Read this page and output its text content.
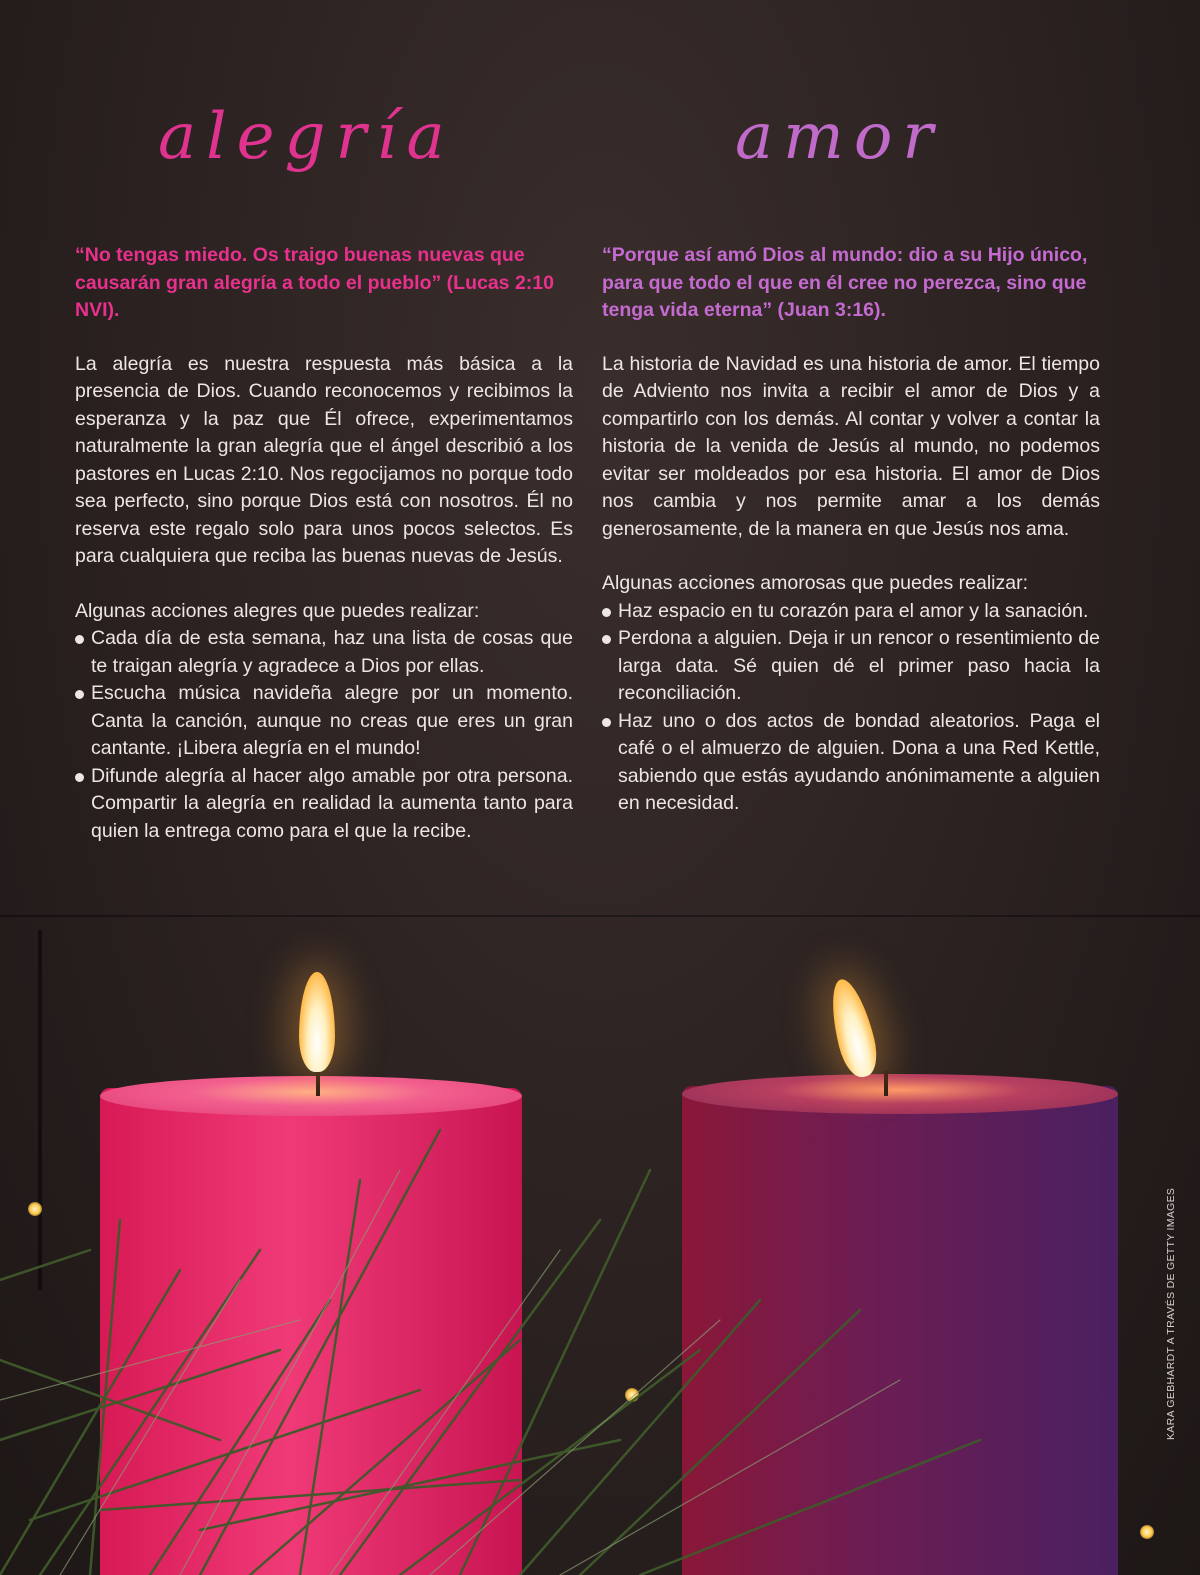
alegría	amor

“No tengas miedo. Os traigo buenas nuevas que causarán gran alegría a todo el pueblo” (Lucas 2:10 NVI).

La alegría es nuestra respuesta más básica a la presencia de Dios. Cuando reconocemos y recibimos la esperanza y la paz que Él ofrece, experimentamos naturalmente la gran alegría que el ángel describió a los pastores en Lucas 2:10. Nos regocijamos no porque todo sea perfecto, sino porque Dios está con nosotros. Él no reserva este regalo solo para unos pocos selectos. Es para cualquiera que reciba las buenas nuevas de Jesús.

Algunas acciones alegres que puedes realizar:

Cada día de esta semana, haz una lista de cosas que te traigan alegría y agradece a Dios por ellas.
Escucha música navideña alegre por un momento. Canta la canción, aunque no creas que eres un gran cantante. ¡Libera alegría en el mundo!
Difunde alegría al hacer algo amable por otra persona. Compartir la alegría en realidad la aumenta tanto para quien la entrega como para el que la recibe.

“Porque así amó Dios al mundo: dio a su Hijo único, para que todo el que en él cree no perezca, sino que tenga vida eterna” (Juan 3:16).

La historia de Navidad es una historia de amor. El tiempo de Adviento nos invita a recibir el amor de Dios y a compartirlo con los demás. Al contar y volver a contar la historia de la venida de Jesús al mundo, no podemos evitar ser moldeados por esa historia. El amor de Dios nos cambia y nos permite amar a los demás generosamente, de la manera en que Jesús nos ama.

Algunas acciones amorosas que puedes realizar:

Haz espacio en tu corazón para el amor y la sanación.
Perdona a alguien. Deja ir un rencor o resentimiento de larga data. Sé quien dé el primer paso hacia la reconciliación.
Haz uno o dos actos de bondad aleatorios. Paga el café o el almuerzo de alguien. Dona a una Red Kettle, sabiendo que estás ayudando anónimamente a alguien en necesidad.
KARA GEBHARDT A TRAVÉS DE GETTY IMAGES
